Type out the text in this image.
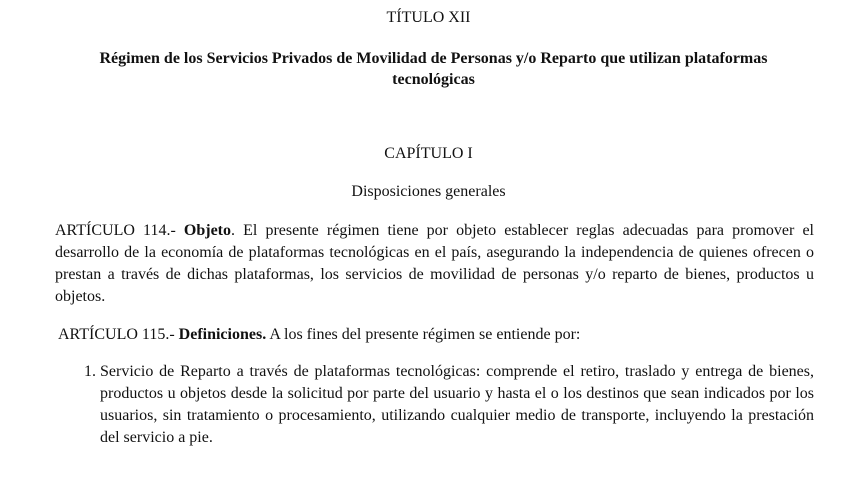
TÍTULO XII

Régimen de los Servicios Privados de Movilidad de Personas y/o Reparto que utilizan plataformas tecnológicas

CAPÍTULO I

Disposiciones generales

ARTÍCULO 114.- Objeto. El presente régimen tiene por objeto establecer reglas adecuadas para promover el desarrollo de la economía de plataformas tecnológicas en el país, asegurando la independencia de quienes ofrecen o prestan a través de dichas plataformas, los servicios de movilidad de personas y/o reparto de bienes, productos u objetos.

ARTÍCULO 115.- Definiciones. A los fines del presente régimen se entiende por:

1. Servicio de Reparto a través de plataformas tecnológicas: comprende el retiro, traslado y entrega de bienes, productos u objetos desde la solicitud por parte del usuario y hasta el o los destinos que sean indicados por los usuarios, sin tratamiento o procesamiento, utilizando cualquier medio de transporte, incluyendo la prestación del servicio a pie.
